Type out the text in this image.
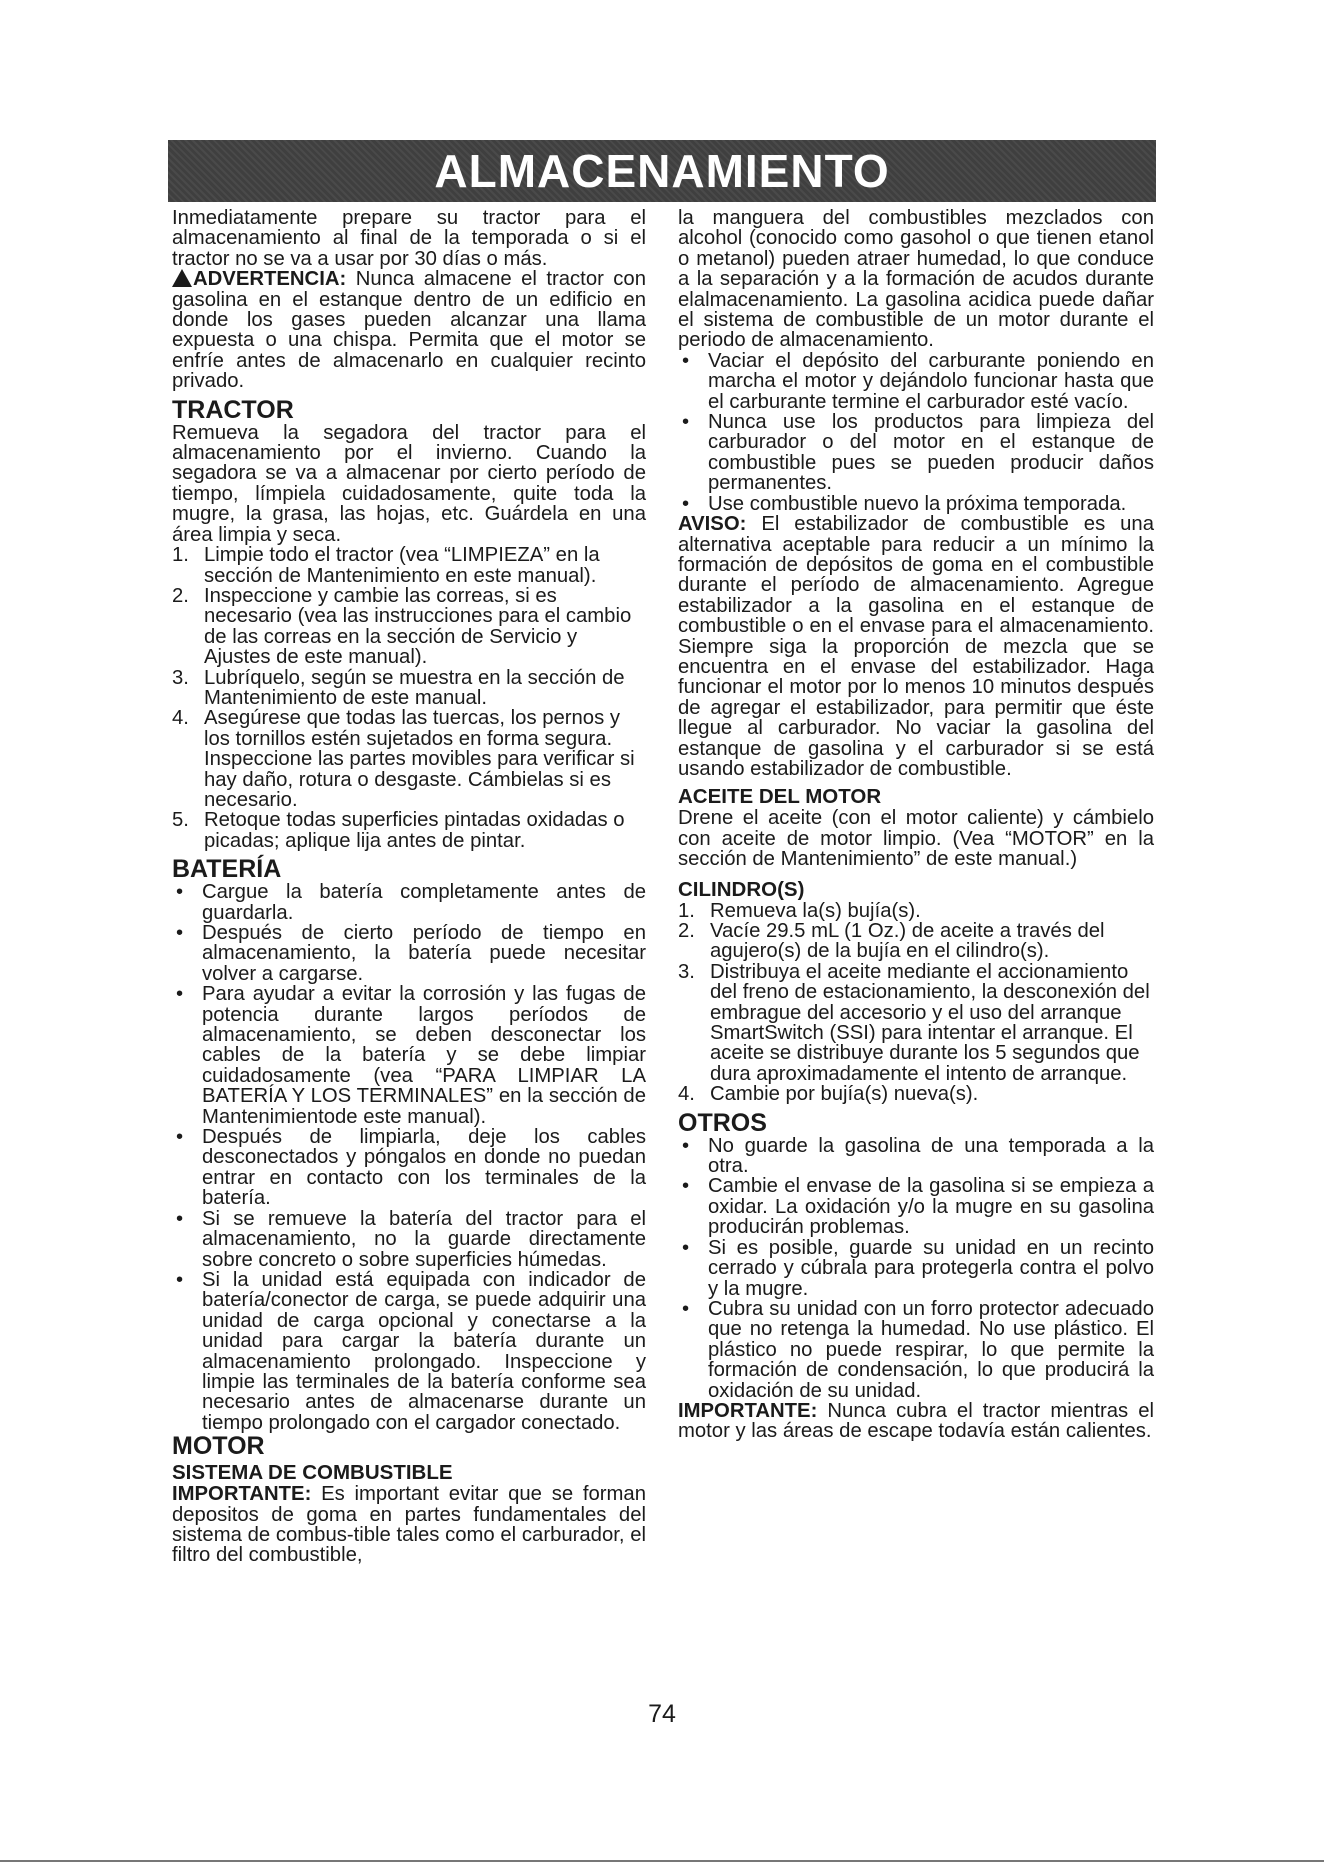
ALMACENAMIENTO

Inmediatamente prepare su tractor para el almacenamiento al final de la temporada o si el tractor no se va a usar por 30 días o más.

ADVERTENCIA: Nunca almacene el tractor con gasolina en el estanque dentro de un edificio en donde los gases pueden alcanzar una llama expuesta o una chispa. Permita que el motor se enfríe antes de almacenarlo en cualquier recinto privado.

TRACTOR

Remueva la segadora del tractor para el almacenamiento por el invierno. Cuando la segadora se va a almacenar por cierto período de tiempo, límpiela cuidadosamente, quite toda la mugre, la grasa, las hojas, etc. Guárdela en una área limpia y seca.

1. Limpie todo el tractor (vea “LIMPIEZA” en la sección de Mantenimiento en este manual).
2. Inspeccione y cambie las correas, si es necesario (vea las instrucciones para el cambio de las correas en la sección de Servicio y Ajustes de este manual).
3. Lubríquelo, según se muestra en la sección de Mantenimiento de este manual.
4. Asegúrese que todas las tuercas, los pernos y los tornillos estén sujetados en forma segura. Inspeccione las partes movibles para verificar si hay daño, rotura o desgaste. Cámbielas si es necesario.
5. Retoque todas superficies pintadas oxidadas o picadas; aplique lija antes de pintar.
BATERÍA
• Cargue la batería completamente antes de guardarla.
• Después de cierto período de tiempo en almacenamiento, la batería puede necesitar volver a cargarse.
• Para ayudar a evitar la corrosión y las fugas de potencia durante largos períodos de almacenamiento, se deben desconectar los cables de la batería y se debe limpiar cuidadosamente (vea “PARA LIMPIAR LA BATERÍA Y LOS TERMINALES” en la sección de Mantenimientode este manual).
• Después de limpiarla, deje los cables desconectados y póngalos en donde no puedan entrar en contacto con los terminales de la batería.
• Si se remueve la batería del tractor para el almacenamiento, no la guarde directamente sobre concreto o sobre superficies húmedas.
• Si la unidad está equipada con indicador de batería/conector de carga, se puede adquirir una unidad de carga opcional y conectarse a la unidad para cargar la batería durante un almacenamiento prolongado. Inspeccione y limpie las terminales de la batería conforme sea necesario antes de almacenarse durante un tiempo prolongado con el cargador conectado.
MOTOR
SISTEMA DE COMBUSTIBLE

IMPORTANTE: Es important evitar que se forman depositos de goma en partes fundamentales del sistema de combus-tible tales como el carburador, el filtro del combustible,

la manguera del combustibles mezclados con alcohol (conocido como gasohol o que tienen etanol o metanol) pueden atraer humedad, lo que conduce a la separación y a la formación de acudos durante elalmacenamiento. La gasolina acidica puede dañar el sistema de combustible de un motor durante el periodo de almacenamiento.

• Vaciar el depósito del carburante poniendo en marcha el motor y dejándolo funcionar hasta que el carburante termine el carburador esté vacío.
• Nunca use los productos para limpieza del carburador o del motor en el estanque de combustible pues se pueden producir daños permanentes.
• Use combustible nuevo la próxima temporada.

AVISO: El estabilizador de combustible es una alternativa aceptable para reducir a un mínimo la formación de depósitos de goma en el combustible durante el período de almacenamiento. Agregue estabilizador a la gasolina en el estanque de combustible o en el envase para el almacenamiento. Siempre siga la proporción de mezcla que se encuentra en el envase del estabilizador. Haga funcionar el motor por lo menos 10 minutos después de agregar el estabilizador, para permitir que éste llegue al carburador. No vaciar la gasolina del estanque de gasolina y el carburador si se está usando estabilizador de combustible.

ACEITE DEL MOTOR

Drene el aceite (con el motor caliente) y cámbielo con aceite de motor limpio. (Vea “MOTOR” en la sección de Mantenimiento” de este manual.)

CILINDRO(S)
1. Remueva la(s) bujía(s).
2. Vacíe 29.5 mL (1 Oz.) de aceite a través del agujero(s) de la bujía en el cilindro(s).
3. Distribuya el aceite mediante el accionamiento del freno de estacionamiento, la desconexión del embrague del accesorio y el uso del arranque SmartSwitch (SSI) para intentar el arranque. El aceite se distribuye durante los 5 segundos que dura aproximadamente el intento de arranque.
4. Cambie por bujía(s) nueva(s).
OTROS
• No guarde la gasolina de una temporada a la otra.
• Cambie el envase de la gasolina si se empieza a oxidar. La oxidación y/o la mugre en su gasolina producirán problemas.
• Si es posible, guarde su unidad en un recinto cerrado y cúbrala para protegerla contra el polvo y la mugre.
• Cubra su unidad con un forro protector adecuado que no retenga la humedad. No use plástico. El plástico no puede respirar, lo que permite la formación de condensación, lo que producirá la oxidación de su unidad.

IMPORTANTE: Nunca cubra el tractor mientras el motor y las áreas de escape todavía están calientes.

74
